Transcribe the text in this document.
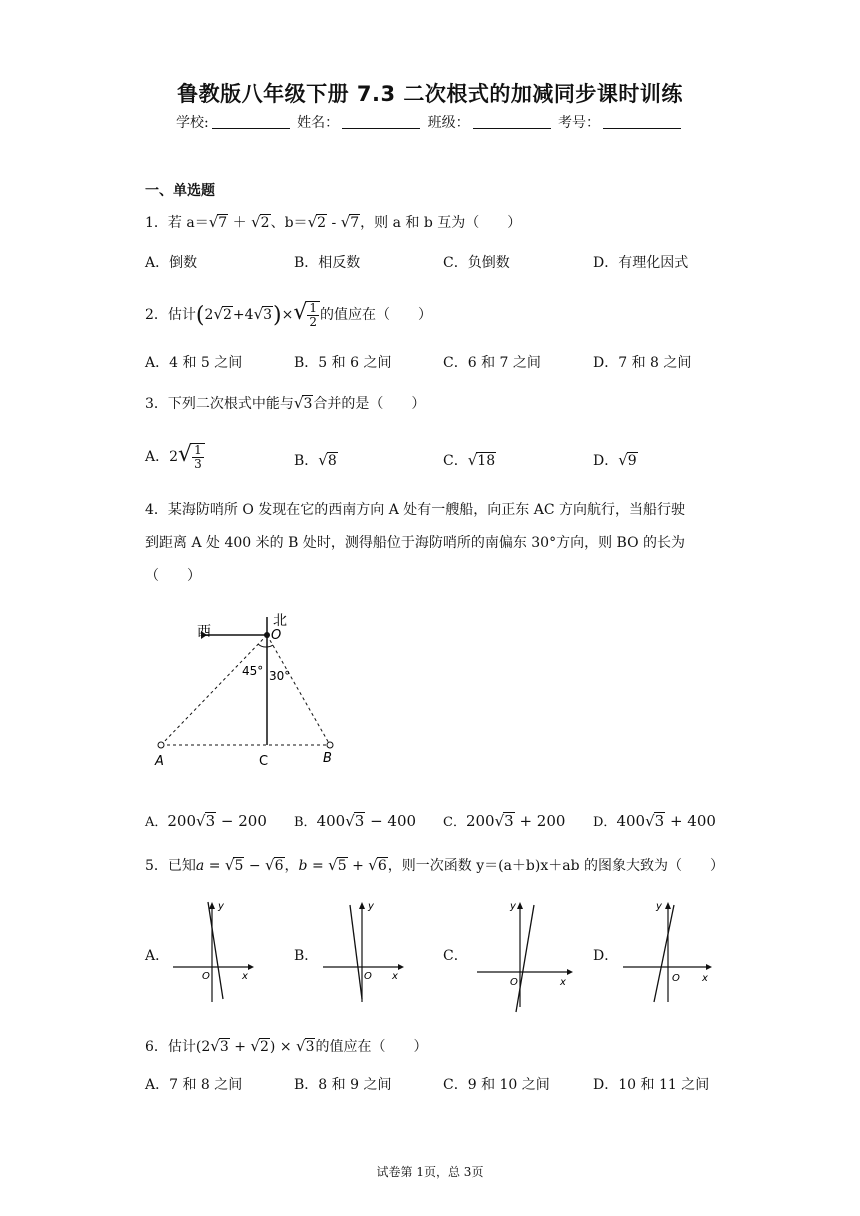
鲁教版八年级下册 7.3 二次根式的加减同步课时训练
学校:	姓名：	班级：	考号：
一、单选题
1．若 a＝√7 ＋ √2、b＝√2 ‐ √7，则 a 和 b 互为（　　）
A．倒数	B．相反数	C．负倒数	D．有理化因式
2．估计$(2√2+4√3)\times√ \frac{1}{2}$ 的值应在（　　）
A．4 和 5 之间	B．5 和 6 之间	C．6 和 7 之间	D．7 和 8 之间
3．下列二次根式中能与√3合并的是（　　）
A．$2√ \frac{1}{3}$	B．√8	C．√18	D．√9
4．某海防哨所 O 发现在它的西南方向 A 处有一艘船，向正东 AC 方向航行，当船行驶
到距离 A 处 400 米的 B 处时，测得船位于海防哨所的南偏东 30°方向，则 BO 的长为
（　　）
西
北
O
45° 30°
A	C	B
A．200√3 − 200 B．400√3 − 400 C．200√3 + 200 D．400√3 + 400
5．已知a = √5 − √6，b = √5 + √6，则一次函数 y＝(a＋b)x＋ab 的图象大致为（　　）
A．
y
x
O
B．
y
x
O
C．
y
x
O
D．
y
x
O
6．估计(2√3 + √2) × √3的值应在（　　）
A．7 和 8 之间	B．8 和 9 之间	C．9 和 10 之间	D．10 和 11 之间
试卷第 1页，总 3页
